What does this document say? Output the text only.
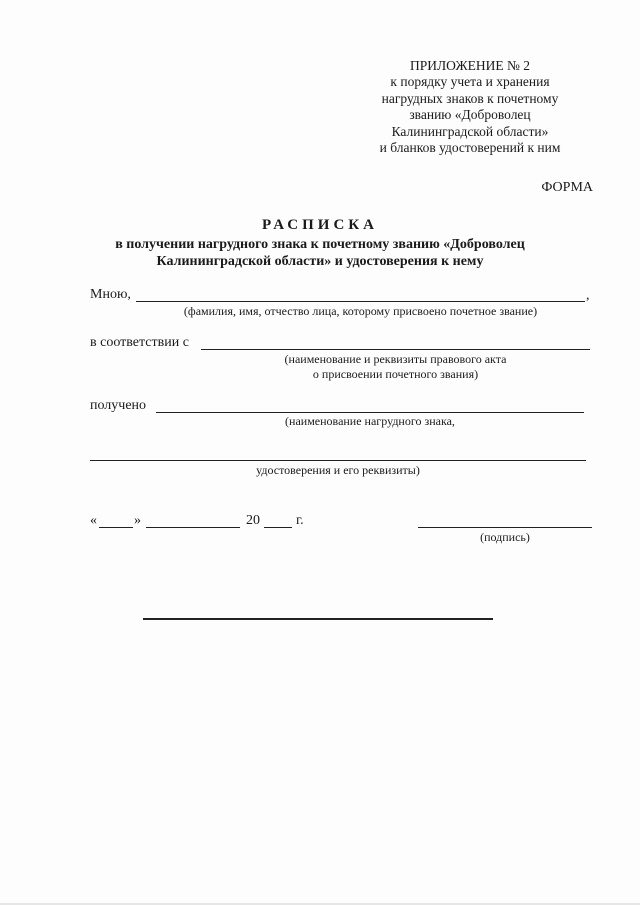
ПРИЛОЖЕНИЕ № 2
к порядку учета и хранения
нагрудных знаков к почетному
званию «Доброволец
Калининградской области»
и бланков удостоверений к ним
ФОРМА
РАСПИСКА
в получении нагрудного знака к почетному званию «Доброволец
Калининградской области» и удостоверения к нему
Мною,	,
(фамилия, имя, отчество лица, которому присвоено почетное звание)
в соответствии с
(наименование и реквизиты правового акта
о присвоении почетного звания)
получено
(наименование нагрудного знака,
удостоверения и его реквизиты)
«	»	20	г.
(подпись)
